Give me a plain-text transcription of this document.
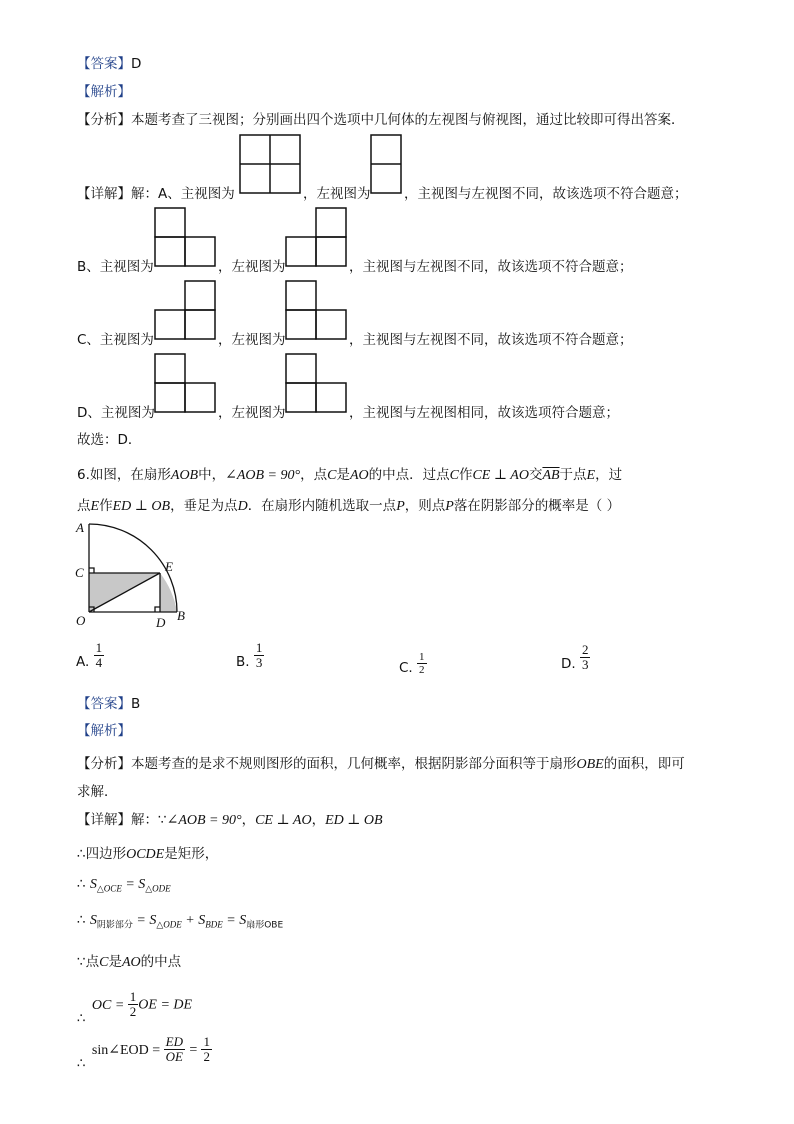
【答案】D
【解析】
【分析】本题考查了三视图；分别画出四个选项中几何体的左视图与俯视图，通过比较即可得出答案．
【详解】解：A、主视图为	，左视图为 ，主视图与左视图不同，故该选项不符合题意；
B、主视图为	，左视图为	，主视图与左视图不同，故该选项不符合题意；
C、主视图为	，左视图为	，主视图与左视图不同，故该选项不符合题意；
D、主视图为	，左视图为	，主视图与左视图相同，故该选项符合题意；
故选：D．
6.如图，在扇形AOB中，∠AOB = 90°，点C是AO的中点．过点C作CE ⊥ AO交$\overline{AB}$于点E，过
点E作ED ⊥ OB，垂足为点D．在扇形内随机选取一点P，则点P落在阴影部分的概率是（ ）
A
C
O
E
D B
A. $\frac{1}{4}$	B. $\frac{1}{3}$	C. $\frac{1}{2}$	D. $\frac{2}{3}$
【答案】B
【解析】
【分析】本题考查的是求不规则图形的面积，几何概率，根据阴影部分面积等于扇形OBE的面积，即可
求解．
【详解】解：∵∠AOB = 90°，CE ⊥ AO，ED ⊥ OB
∴四边形OCDE是矩形，
∴ $S_{\triangle OCE} = S_{\triangle ODE}$
∴ $S_{阴影部分} = S_{\triangle ODE} + S_{BDE} = S_{扇形OBE}$
∵点C是AO的中点
∴ OC = $\frac{1}{2}$ OE = DE
∴ sin∠EOD = $\frac{ED}{OE} = \frac{1}{2}$
